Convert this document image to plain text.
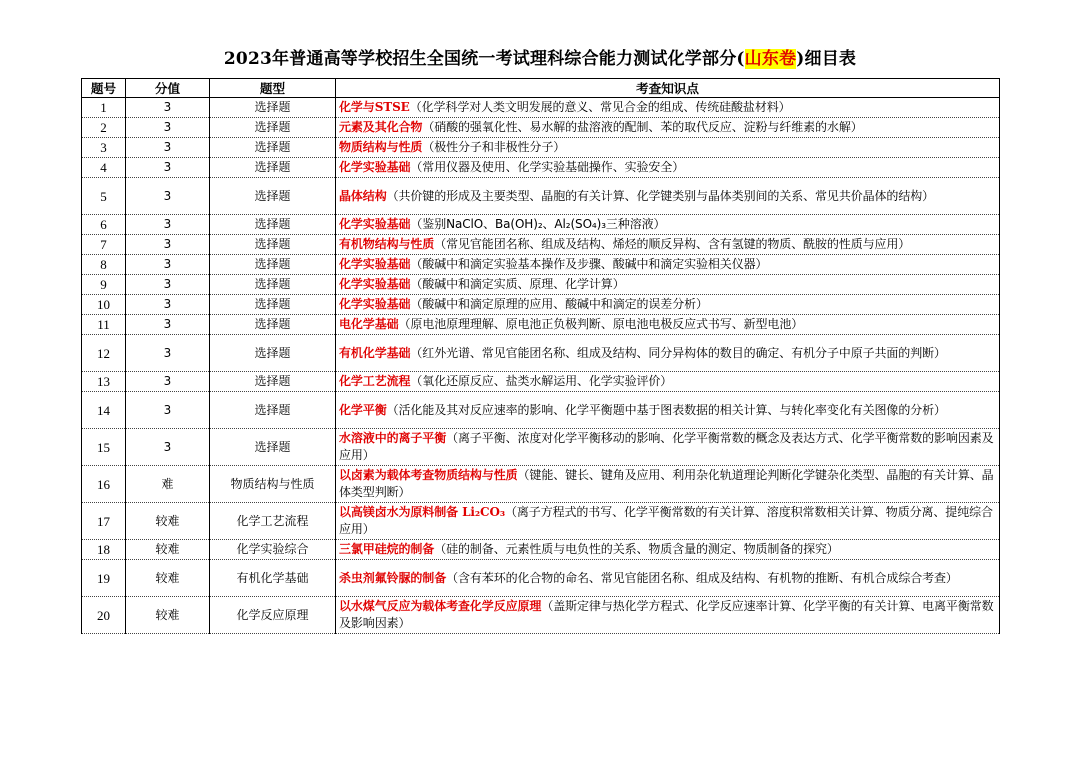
2023年普通高等学校招生全国统一考试理科综合能力测试化学部分(山东卷)细目表
题号	分值	题型	考查知识点
1	3	选择题	化学与STSE（化学科学对人类文明发展的意义、常见合金的组成、传统硅酸盐材料）
2	3	选择题	元素及其化合物（硝酸的强氧化性、易水解的盐溶液的配制、苯的取代反应、淀粉与纤维素的水解）
3	3	选择题	物质结构与性质（极性分子和非极性分子）
4	3	选择题	化学实验基础（常用仪器及使用、化学实验基础操作、实验安全）
5	3	选择题	晶体结构（共价键的形成及主要类型、晶胞的有关计算、化学键类别与晶体类别间的关系、常见共价晶体的结构）
6	3	选择题	化学实验基础（鉴别NaClO、Ba(OH)₂、Al₂(SO₄)₃三种溶液）
7	3	选择题	有机物结构与性质（常见官能团名称、组成及结构、烯烃的顺反异构、含有氢键的物质、酰胺的性质与应用）
8	3	选择题	化学实验基础（酸碱中和滴定实验基本操作及步骤、酸碱中和滴定实验相关仪器）
9	3	选择题	化学实验基础（酸碱中和滴定实质、原理、化学计算）
10	3	选择题	化学实验基础（酸碱中和滴定原理的应用、酸碱中和滴定的误差分析）
11	3	选择题	电化学基础（原电池原理理解、原电池正负极判断、原电池电极反应式书写、新型电池）
12	3	选择题	有机化学基础（红外光谱、常见官能团名称、组成及结构、同分异构体的数目的确定、有机分子中原子共面的判断）
13	3	选择题	化学工艺流程（氧化还原反应、盐类水解运用、化学实验评价）
14	3	选择题	化学平衡（活化能及其对反应速率的影响、化学平衡题中基于图表数据的相关计算、与转化率变化有关图像的分析）
15	3	选择题	水溶液中的离子平衡（离子平衡、浓度对化学平衡移动的影响、化学平衡常数的概念及表达方式、化学平衡常数的影响因素及应用）
16	难	物质结构与性质	以卤素为载体考查物质结构与性质（键能、键长、键角及应用、利用杂化轨道理论判断化学键杂化类型、晶胞的有关计算、晶体类型判断）
17	较难	化学工艺流程	以高镁卤水为原料制备 Li₂CO₃（离子方程式的书写、化学平衡常数的有关计算、溶度积常数相关计算、物质分离、提纯综合应用）
18	较难	化学实验综合	三氯甲硅烷的制备（硅的制备、元素性质与电负性的关系、物质含量的测定、物质制备的探究）
19	较难	有机化学基础	杀虫剂氟铃脲的制备（含有苯环的化合物的命名、常见官能团名称、组成及结构、有机物的推断、有机合成综合考查）
20	较难	化学反应原理	以水煤气反应为载体考查化学反应原理（盖斯定律与热化学方程式、化学反应速率计算、化学平衡的有关计算、电离平衡常数及影响因素）
